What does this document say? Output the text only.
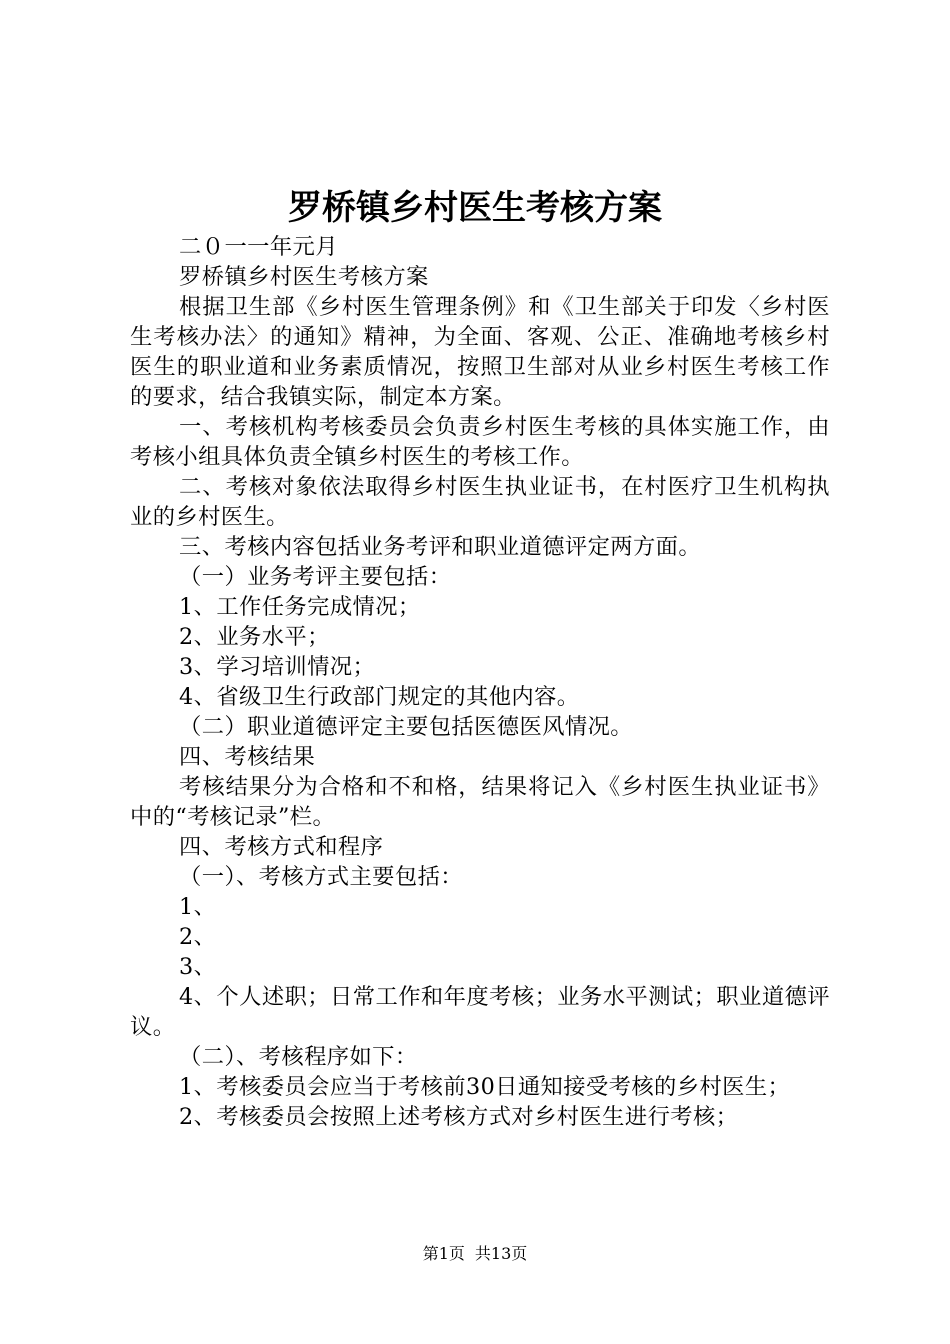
罗桥镇乡村医生考核方案

二０一一年元月

罗桥镇乡村医生考核方案

根据卫生部《乡村医生管理条例》和《卫生部关于印发〈乡村医生考核办法〉的通知》精神，为全面、客观、公正、准确地考核乡村医生的职业道和业务素质情况，按照卫生部对从业乡村医生考核工作的要求，结合我镇实际，制定本方案。

一、考核机构考核委员会负责乡村医生考核的具体实施工作，由考核小组具体负责全镇乡村医生的考核工作。

二、考核对象依法取得乡村医生执业证书，在村医疗卫生机构执业的乡村医生。

三、考核内容包括业务考评和职业道德评定两方面。

（一）业务考评主要包括：

1、工作任务完成情况；

2、业务水平；

3、学习培训情况；

4、省级卫生行政部门规定的其他内容。

（二）职业道德评定主要包括医德医风情况。

四、考核结果

考核结果分为合格和不和格，结果将记入《乡村医生执业证书》中的“考核记录”栏。

四、考核方式和程序

（一）、考核方式主要包括：

1、

2、

3、

4、个人述职；日常工作和年度考核；业务水平测试；职业道德评议。

（二）、考核程序如下：

1、考核委员会应当于考核前30日通知接受考核的乡村医生；

2、考核委员会按照上述考核方式对乡村医生进行考核；

第1页 共13页
